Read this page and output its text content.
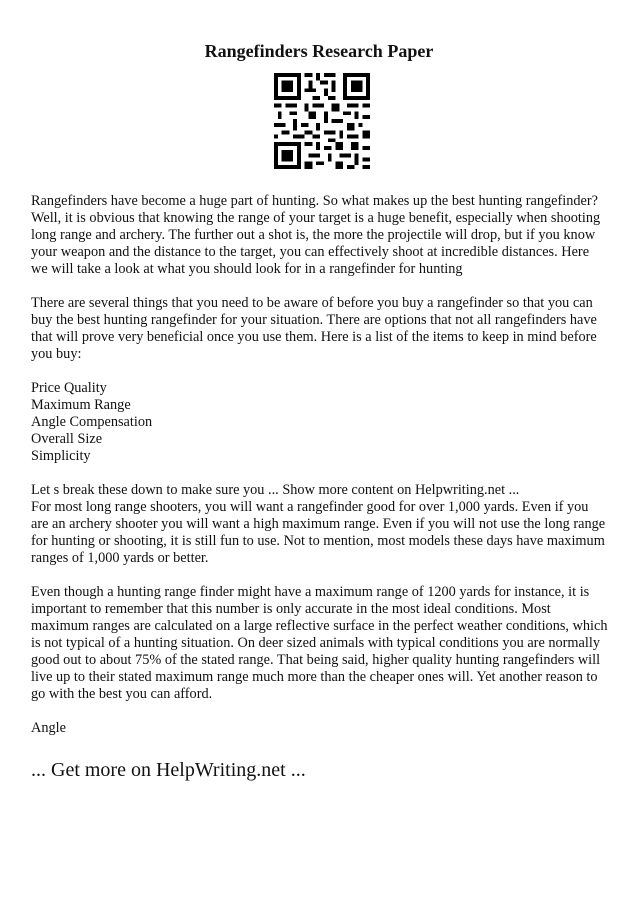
Rangefinders Research Paper

Rangefinders have become a huge part of hunting. So what makes up the best hunting rangefinder? Well, it is obvious that knowing the range of your target is a huge benefit, especially when shooting long range and archery. The further out a shot is, the more the projectile will drop, but if you know your weapon and the distance to the target, you can effectively shoot at incredible distances. Here we will take a look at what you should look for in a rangefinder for hunting

There are several things that you need to be aware of before you buy a rangefinder so that you can buy the best hunting rangefinder for your situation. There are options that not all rangefinders have that will prove very beneficial once you use them. Here is a list of the items to keep in mind before you buy:

Price Quality
Maximum Range
Angle Compensation
Overall Size
Simplicity

Let s break these down to make sure you ... Show more content on Helpwriting.net ...
For most long range shooters, you will want a rangefinder good for over 1,000 yards. Even if you are an archery shooter you will want a high maximum range. Even if you will not use the long range for hunting or shooting, it is still fun to use. Not to mention, most models these days have maximum ranges of 1,000 yards or better.

Even though a hunting range finder might have a maximum range of 1200 yards for instance, it is important to remember that this number is only accurate in the most ideal conditions. Most maximum ranges are calculated on a large reflective surface in the perfect weather conditions, which is not typical of a hunting situation. On deer sized animals with typical conditions you are normally good out to about 75% of the stated range. That being said, higher quality hunting rangefinders will live up to their stated maximum range much more than the cheaper ones will. Yet another reason to go with the best you can afford.

Angle

... Get more on HelpWriting.net ...
